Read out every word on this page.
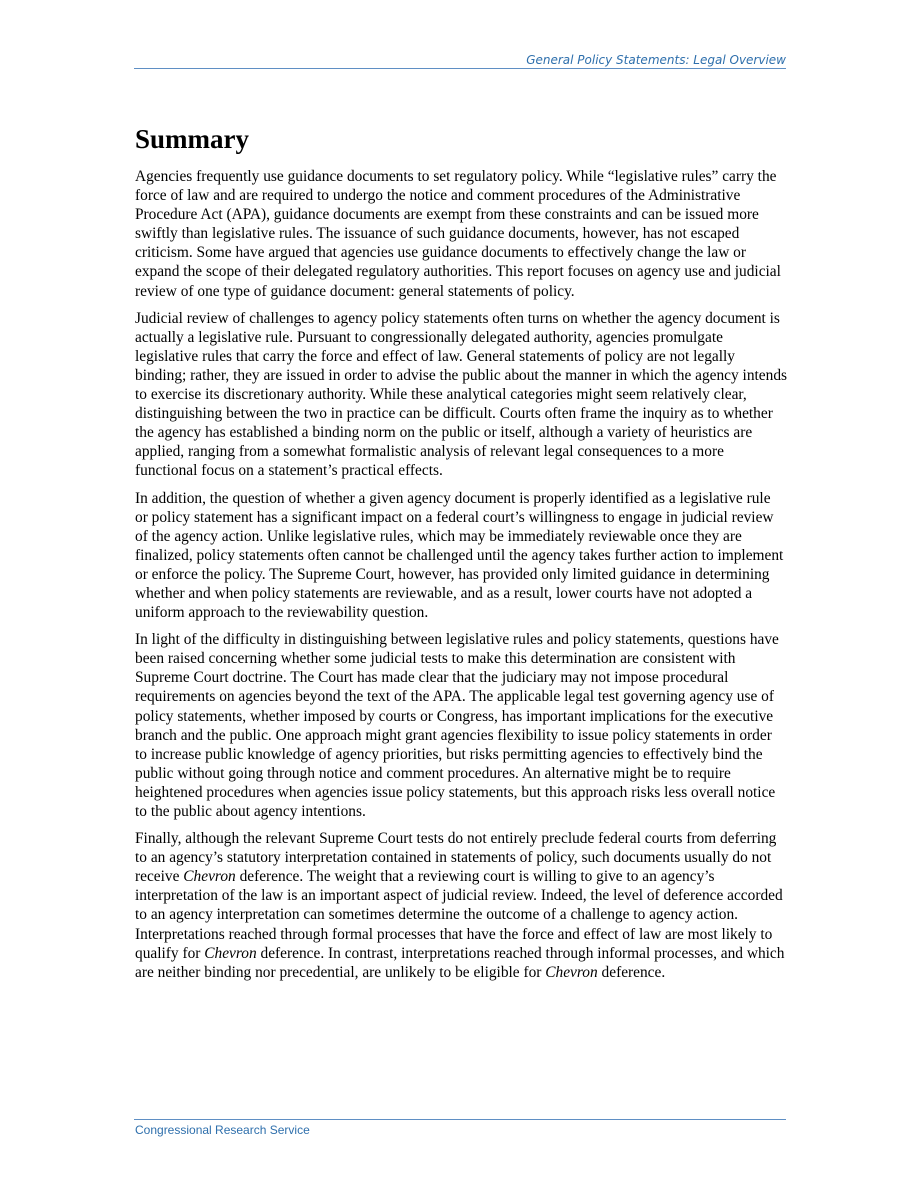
General Policy Statements: Legal Overview
Summary

Agencies frequently use guidance documents to set regulatory policy. While “legislative rules” carry the force of law and are required to undergo the notice and comment procedures of the Administrative Procedure Act (APA), guidance documents are exempt from these constraints and can be issued more swiftly than legislative rules. The issuance of such guidance documents, however, has not escaped criticism. Some have argued that agencies use guidance documents to effectively change the law or expand the scope of their delegated regulatory authorities. This report focuses on agency use and judicial review of one type of guidance document: general statements of policy.

Judicial review of challenges to agency policy statements often turns on whether the agency document is actually a legislative rule. Pursuant to congressionally delegated authority, agencies promulgate legislative rules that carry the force and effect of law. General statements of policy are not legally binding; rather, they are issued in order to advise the public about the manner in which the agency intends to exercise its discretionary authority. While these analytical categories might seem relatively clear, distinguishing between the two in practice can be difficult. Courts often frame the inquiry as to whether the agency has established a binding norm on the public or itself, although a variety of heuristics are applied, ranging from a somewhat formalistic analysis of relevant legal consequences to a more functional focus on a statement’s practical effects.

In addition, the question of whether a given agency document is properly identified as a legislative rule or policy statement has a significant impact on a federal court’s willingness to engage in judicial review of the agency action. Unlike legislative rules, which may be immediately reviewable once they are finalized, policy statements often cannot be challenged until the agency takes further action to implement or enforce the policy. The Supreme Court, however, has provided only limited guidance in determining whether and when policy statements are reviewable, and as a result, lower courts have not adopted a uniform approach to the reviewability question.

In light of the difficulty in distinguishing between legislative rules and policy statements, questions have been raised concerning whether some judicial tests to make this determination are consistent with Supreme Court doctrine. The Court has made clear that the judiciary may not impose procedural requirements on agencies beyond the text of the APA. The applicable legal test governing agency use of policy statements, whether imposed by courts or Congress, has important implications for the executive branch and the public. One approach might grant agencies flexibility to issue policy statements in order to increase public knowledge of agency priorities, but risks permitting agencies to effectively bind the public without going through notice and comment procedures. An alternative might be to require heightened procedures when agencies issue policy statements, but this approach risks less overall notice to the public about agency intentions.

Finally, although the relevant Supreme Court tests do not entirely preclude federal courts from deferring to an agency’s statutory interpretation contained in statements of policy, such documents usually do not receive Chevron deference. The weight that a reviewing court is willing to give to an agency’s interpretation of the law is an important aspect of judicial review. Indeed, the level of deference accorded to an agency interpretation can sometimes determine the outcome of a challenge to agency action. Interpretations reached through formal processes that have the force and effect of law are most likely to qualify for Chevron deference. In contrast, interpretations reached through informal processes, and which are neither binding nor precedential, are unlikely to be eligible for Chevron deference.

Congressional Research Service
